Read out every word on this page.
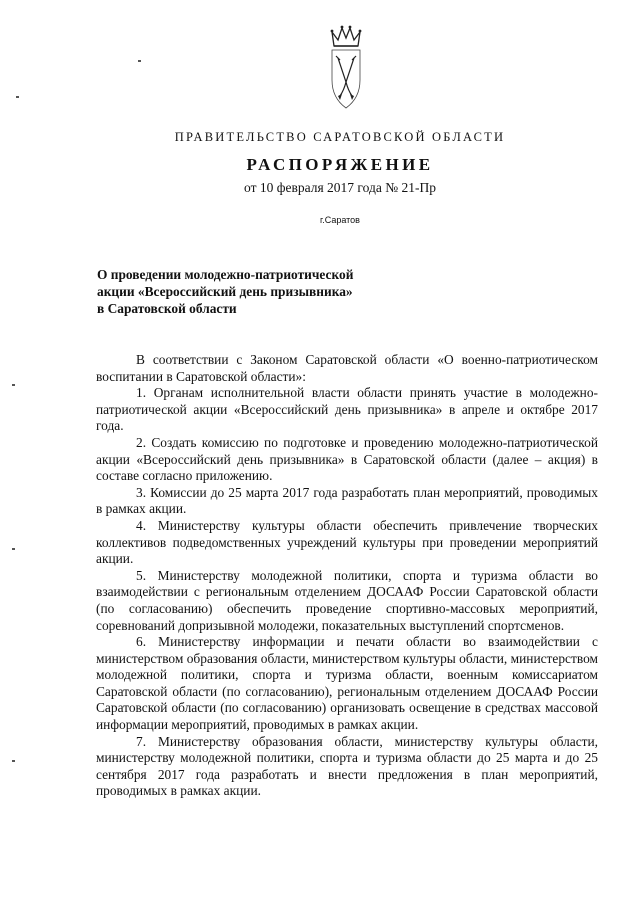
ПРАВИТЕЛЬСТВО САРАТОВСКОЙ ОБЛАСТИ
РАСПОРЯЖЕНИЕ
от 10 февраля 2017 года № 21-Пр
г.Саратов
О проведении молодежно-патриотической
акции «Всероссийский день призывника»
в Саратовской области

В соответствии с Законом Саратовской области «О военно-патриотическом воспитании в Саратовской области»:

1. Органам исполнительной власти области принять участие в молодежно-патриотической акции «Всероссийский день призывника» в апреле и октябре 2017 года.

2. Создать комиссию по подготовке и проведению молодежно-патриотической акции «Всероссийский день призывника» в Саратовской области (далее – акция) в составе согласно приложению.

3. Комиссии до 25 марта 2017 года разработать план мероприятий, проводимых в рамках акции.

4. Министерству культуры области обеспечить привлечение творческих коллективов подведомственных учреждений культуры при проведении мероприятий акции.

5. Министерству молодежной политики, спорта и туризма области во взаимодействии с региональным отделением ДОСААФ России Саратовской области (по согласованию) обеспечить проведение спортивно-массовых мероприятий, соревнований допризывной молодежи, показательных выступлений спортсменов.

6. Министерству информации и печати области во взаимодействии с министерством образования области, министерством культуры области, министерством молодежной политики, спорта и туризма области, военным комиссариатом Саратовской области (по согласованию), региональным отделением ДОСААФ России Саратовской области (по согласованию) организовать освещение в средствах массовой информации мероприятий, проводимых в рамках акции.

7. Министерству образования области, министерству культуры области, министерству молодежной политики, спорта и туризма области до 25 марта и до 25 сентября 2017 года разработать и внести предложения в план мероприятий, проводимых в рамках акции.
